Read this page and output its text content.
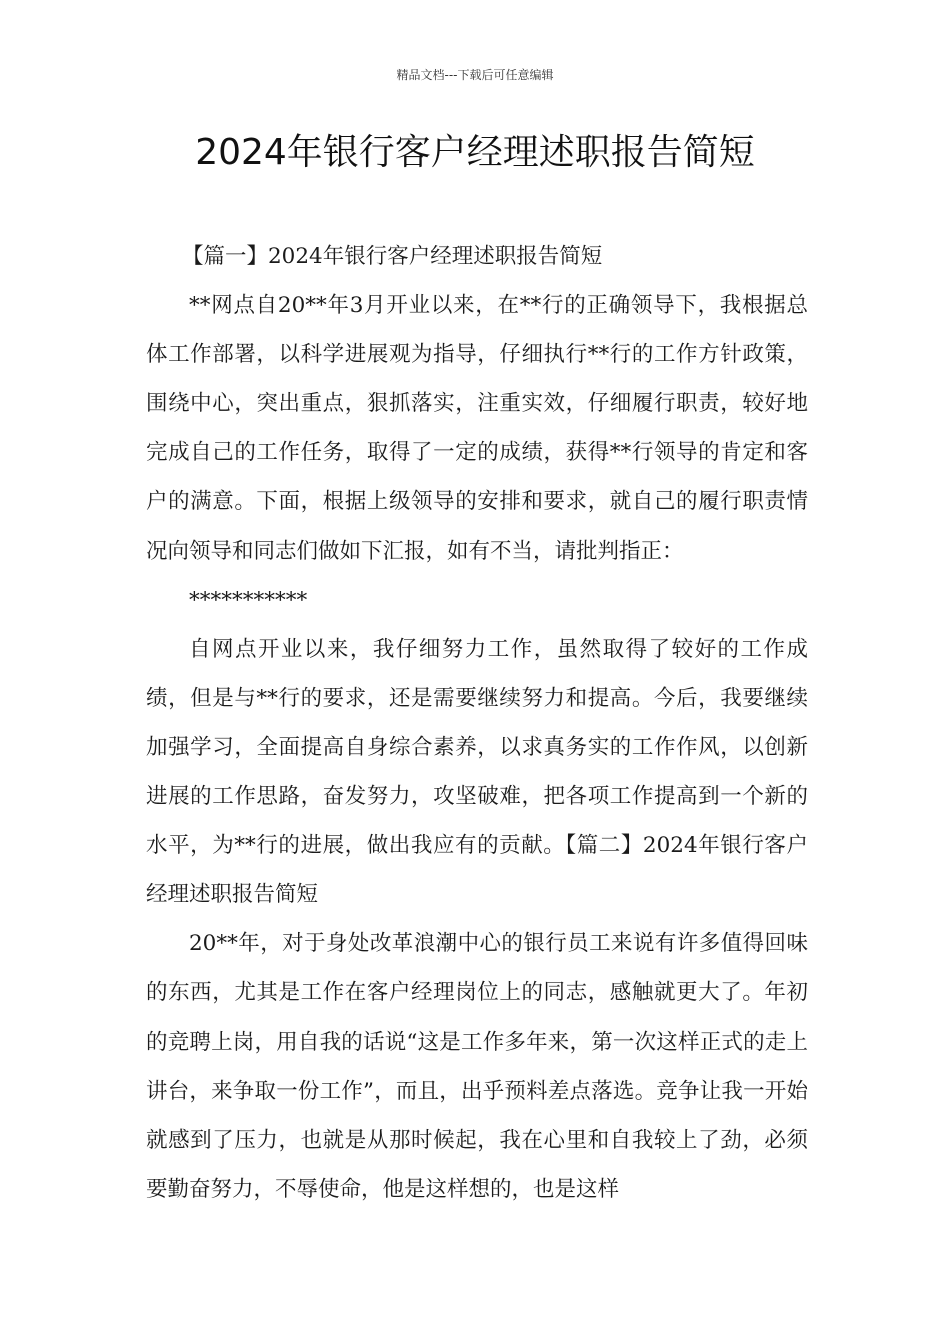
精品文档---下载后可任意编辑
2024年银行客户经理述职报告简短

【篇一】2024年银行客户经理述职报告简短

**网点自20**年3月开业以来，在**行的正确领导下，我根据总体工作部署，以科学进展观为指导，仔细执行**行的工作方针政策，围绕中心，突出重点，狠抓落实，注重实效，仔细履行职责，较好地完成自己的工作任务，取得了一定的成绩，获得**行领导的肯定和客户的满意。下面，根据上级领导的安排和要求，就自己的履行职责情况向领导和同志们做如下汇报，如有不当，请批判指正：

***********

自网点开业以来，我仔细努力工作，虽然取得了较好的工作成绩，但是与**行的要求，还是需要继续努力和提高。今后，我要继续加强学习，全面提高自身综合素养，以求真务实的工作作风，以创新进展的工作思路，奋发努力，攻坚破难，把各项工作提高到一个新的水平，为**行的进展，做出我应有的贡献。【篇二】2024年银行客户经理述职报告简短

20**年，对于身处改革浪潮中心的银行员工来说有许多值得回味的东西，尤其是工作在客户经理岗位上的同志，感触就更大了。年初的竞聘上岗，用自我的话说“这是工作多年来，第一次这样正式的走上讲台，来争取一份工作”，而且，出乎预料差点落选。竞争让我一开始就感到了压力，也就是从那时候起，我在心里和自我较上了劲，必须要勤奋努力，不辱使命，他是这样想的，也是这样
